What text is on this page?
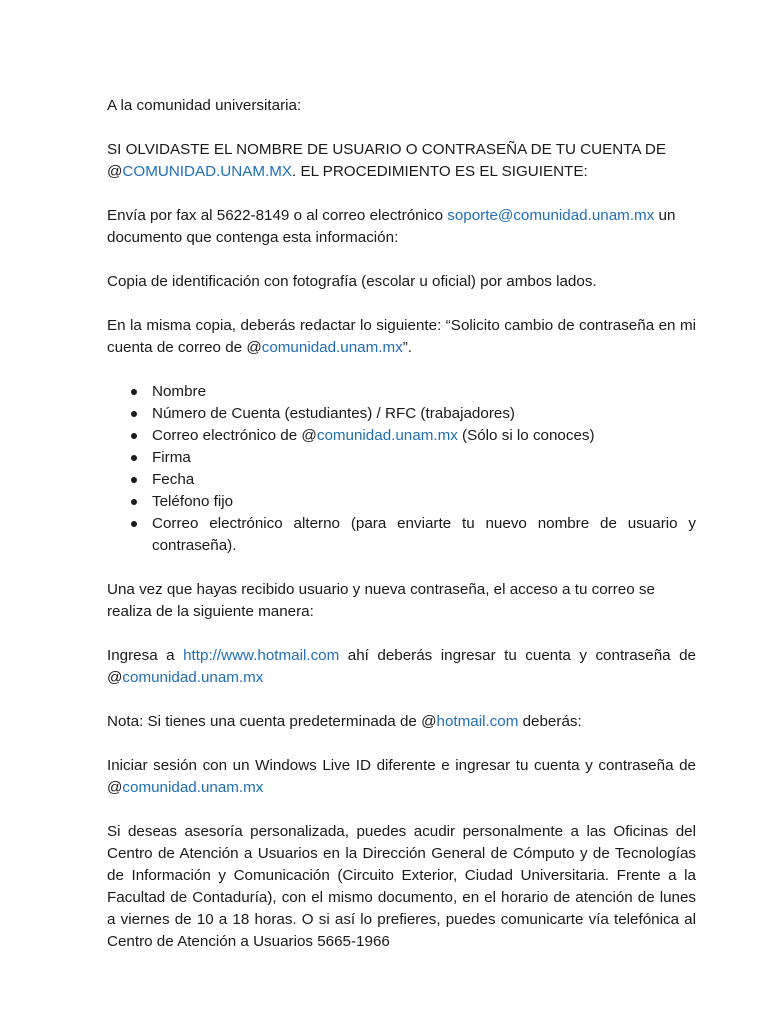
A la comunidad universitaria:

SI OLVIDASTE EL NOMBRE DE USUARIO O CONTRASEÑA DE TU CUENTA DE
@COMUNIDAD.UNAM.MX. EL PROCEDIMIENTO ES EL SIGUIENTE:

Envía por fax al 5622-8149 o al correo electrónico soporte@comunidad.unam.mx un documento que contenga esta información:

Copia de identificación con fotografía (escolar u oficial) por ambos lados.

En la misma copia, deberás redactar lo siguiente: “Solicito cambio de contraseña en mi cuenta de correo de @comunidad.unam.mx”.

Nombre
Número de Cuenta (estudiantes) / RFC (trabajadores)
Correo electrónico de @comunidad.unam.mx (Sólo si lo conoces)
Firma
Fecha
Teléfono fijo
Correo electrónico alterno (para enviarte tu nuevo nombre de usuario y contraseña).

Una vez que hayas recibido usuario y nueva contraseña, el acceso a tu correo se realiza de la siguiente manera:

Ingresa a http://www.hotmail.com ahí deberás ingresar tu cuenta y contraseña de @comunidad.unam.mx

Nota: Si tienes una cuenta predeterminada de @hotmail.com deberás:

Iniciar sesión con un Windows Live ID diferente e ingresar tu cuenta y contraseña de @comunidad.unam.mx

Si deseas asesoría personalizada, puedes acudir personalmente a las Oficinas del Centro de Atención a Usuarios en la Dirección General de Cómputo y de Tecnologías de Información y Comunicación (Circuito Exterior, Ciudad Universitaria. Frente a la Facultad de Contaduría), con el mismo documento, en el horario de atención de lunes a viernes de 10 a 18 horas. O si así lo prefieres, puedes comunicarte vía telefónica al Centro de Atención a Usuarios 5665-1966
